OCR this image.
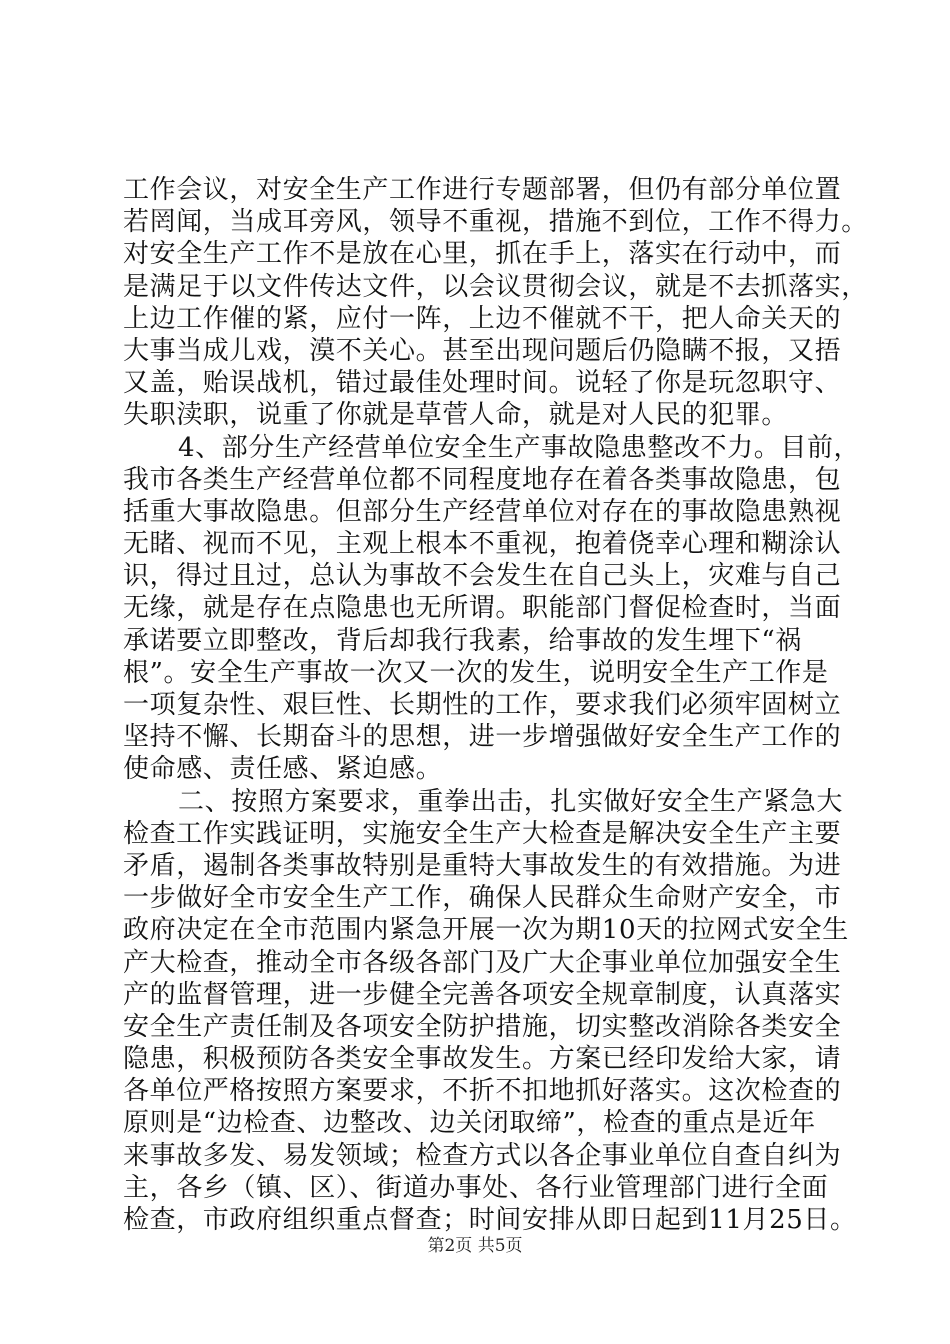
工作会议，对安全生产工作进行专题部署，但仍有部分单位置
若罔闻，当成耳旁风，领导不重视，措施不到位，工作不得力。
对安全生产工作不是放在心里，抓在手上，落实在行动中，而
是满足于以文件传达文件，以会议贯彻会议，就是不去抓落实，
上边工作催的紧，应付一阵，上边不催就不干，把人命关天的
大事当成儿戏，漠不关心。甚至出现问题后仍隐瞒不报，又捂
又盖，贻误战机，错过最佳处理时间。说轻了你是玩忽职守、
失职渎职，说重了你就是草菅人命，就是对人民的犯罪。
4、部分生产经营单位安全生产事故隐患整改不力。目前，
我市各类生产经营单位都不同程度地存在着各类事故隐患，包
括重大事故隐患。但部分生产经营单位对存在的事故隐患熟视
无睹、视而不见，主观上根本不重视，抱着侥幸心理和糊涂认
识，得过且过，总认为事故不会发生在自己头上，灾难与自己
无缘，就是存在点隐患也无所谓。职能部门督促检查时，当面
承诺要立即整改，背后却我行我素，给事故的发生埋下“祸
根”。安全生产事故一次又一次的发生，说明安全生产工作是
一项复杂性、艰巨性、长期性的工作，要求我们必须牢固树立
坚持不懈、长期奋斗的思想，进一步增强做好安全生产工作的
使命感、责任感、紧迫感。
二、按照方案要求，重拳出击，扎实做好安全生产紧急大
检查工作实践证明，实施安全生产大检查是解决安全生产主要
矛盾，遏制各类事故特别是重特大事故发生的有效措施。为进
一步做好全市安全生产工作，确保人民群众生命财产安全，市
政府决定在全市范围内紧急开展一次为期10天的拉网式安全生
产大检查，推动全市各级各部门及广大企事业单位加强安全生
产的监督管理，进一步健全完善各项安全规章制度，认真落实
安全生产责任制及各项安全防护措施，切实整改消除各类安全
隐患，积极预防各类安全事故发生。方案已经印发给大家，请
各单位严格按照方案要求，不折不扣地抓好落实。这次检查的
原则是“边检查、边整改、边关闭取缔”，检查的重点是近年
来事故多发、易发领域；检查方式以各企事业单位自查自纠为
主，各乡（镇、区）、街道办事处、各行业管理部门进行全面
检查，市政府组织重点督查；时间安排从即日起到11月25日。
第2页 共5页
